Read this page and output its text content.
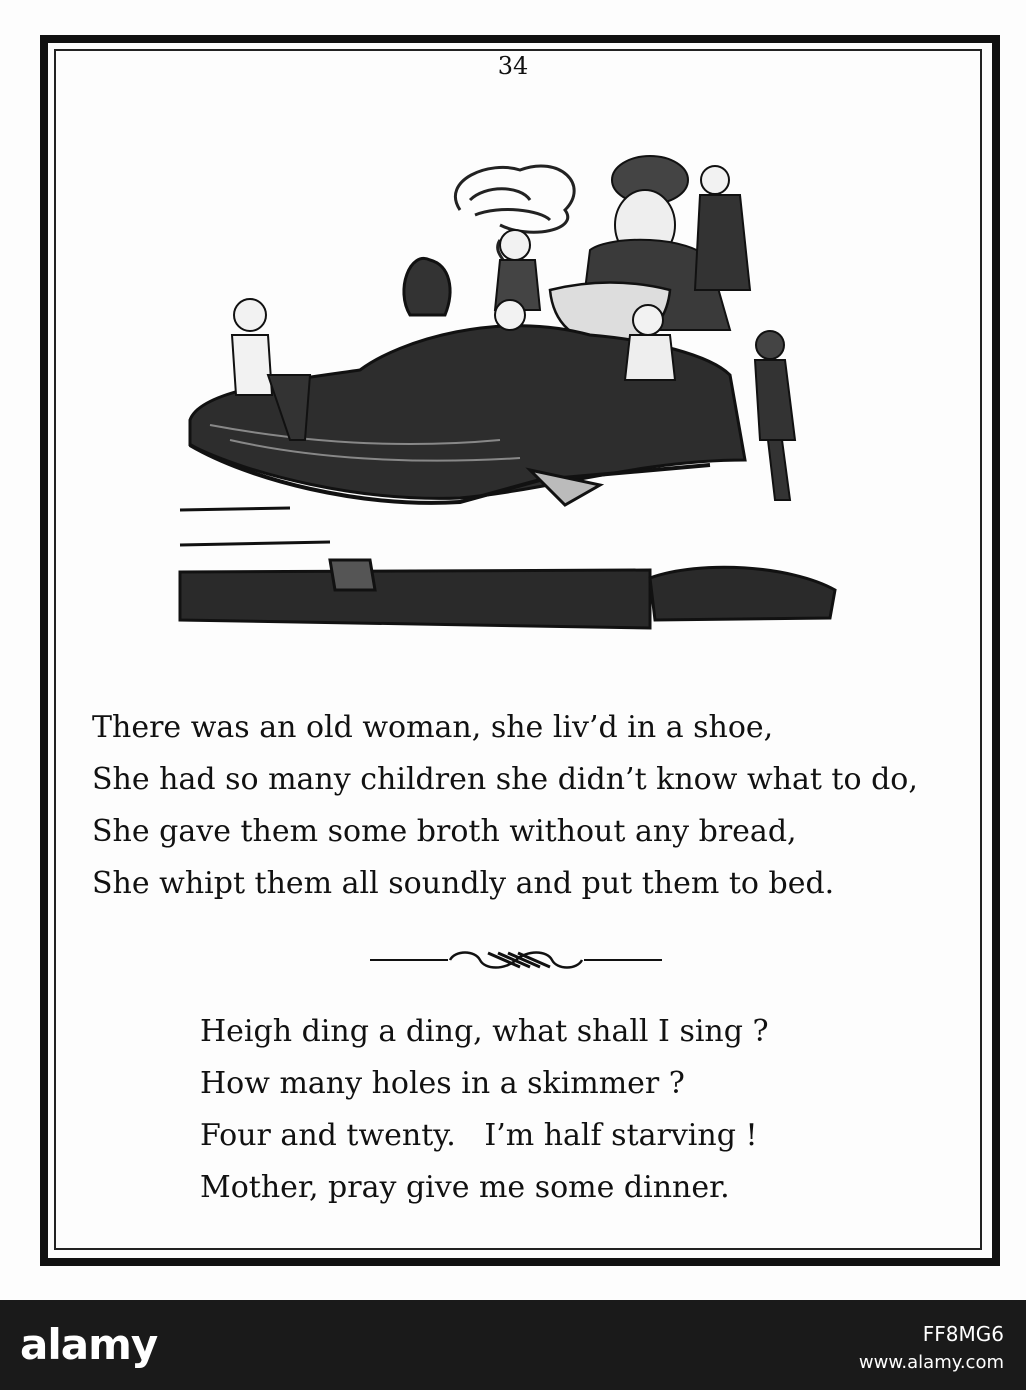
34
There was an old woman, she liv’d in a shoe,
She had so many children she didn’t know what to do,
She gave them some broth without any bread,
She whipt them all soundly and put them to bed.
Heigh ding a ding, what shall I sing ?
How many holes in a skimmer ?
Four and twenty.   I’m half starving !
Mother, pray give me some dinner.
alamy	FF8MG6
www.alamy.com
